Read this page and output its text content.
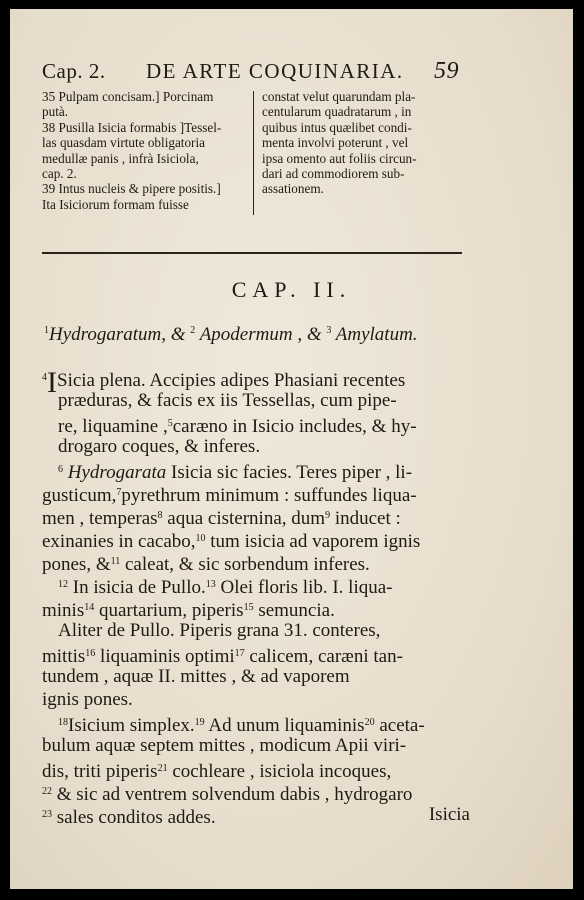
Cap. 2. DE ARTE COQUINARIA. 59
35 Pulpam concisam.] Porcinam
putà.
38 Pusilla Isicia formabis ]Tessel-
las quasdam virtute obligatoria
medullæ panis , infrà Isiciola,
cap. 2.
39 Intus nucleis & pipere positis.]
Ita Isiciorum formam fuisse
constat velut quarundam pla-
centularum quadratarum , in
quibus intus quælibet condi-
menta involvi poterunt , vel
ipsa omento aut foliis circun-
dari ad commodiorem sub-
assationem.
CAP. II.
$^1$Hydrogaratum, & $^2$ Apodermum , & $^3$ Amylatum.
$^4$ISicia plena. Accipies adipes Phasiani recentes
præduras, & facis ex iis Tessellas, cum pipe-
re, liquamine ,$^5$caræno in Isicio includes, & hy-
drogaro coques, & inferes.
$^6$ Hydrogarata Isicia sic facies. Teres piper , li-
gusticum,$^7$pyrethrum minimum : suffundes liqua-
men , temperas$^8$ aqua cisternina, dum$^9$ inducet :
exinanies in cacabo,$^{10}$ tum isicia ad vaporem ignis
pones, &$^{11}$ caleat, & sic sorbendum inferes.
$^{12}$ In isicia de Pullo.$^{13}$ Olei floris lib. I. liqua-
minis$^{14}$ quartarium, piperis$^{15}$ semuncia.
Aliter de Pullo. Piperis grana 31. conteres,
mittis$^{16}$ liquaminis optimi$^{17}$ calicem, caræni tan-
tundem , aquæ II. mittes , & ad vaporem
ignis pones.
$^{18}$Isicium simplex.$^{19}$ Ad unum liquaminis$^{20}$ aceta-
bulum aquæ septem mittes , modicum Apii viri-
dis, triti piperis$^{21}$ cochleare , isiciola incoques,
$^{22}$ & sic ad ventrem solvendum dabis , hydrogaro
$^{23}$ sales conditos addes.	Isicia
